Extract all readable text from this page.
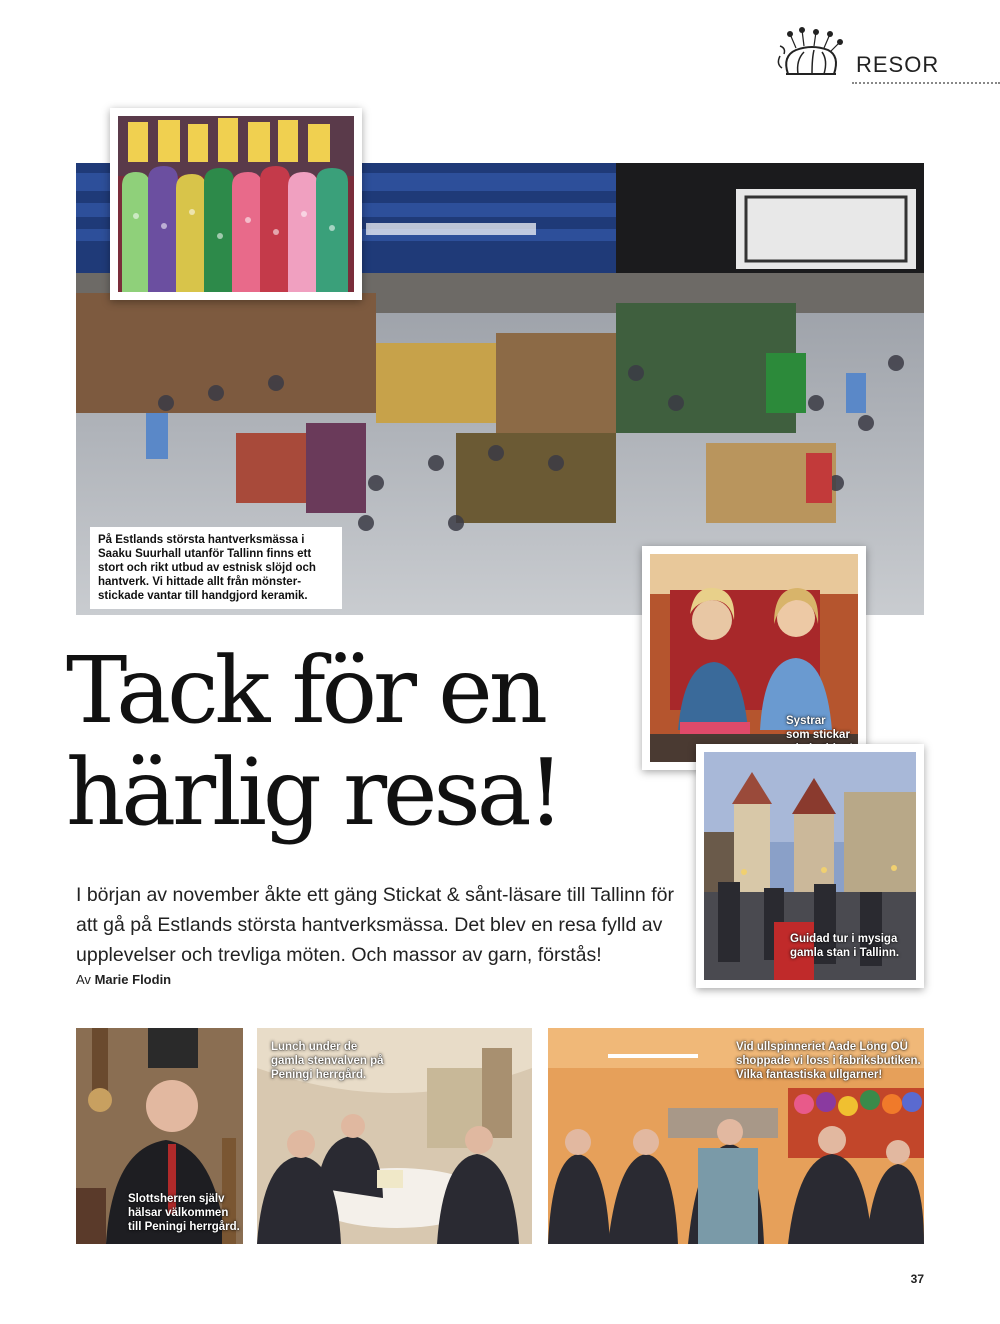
RESOR
På Estlands största hantverksmässa i Saaku Suurhall utanför Tallinn finns ett stort och rikt utbud av estnisk slöjd och hantverk. Vi hittade allt från mönsterstickade vantar till handgjord keramik.
Systrar
som stickar
Guidad tur i mysiga
gamla stan i Tallinn.
Tack för en
härlig resa!
I början av november åkte ett gäng Stickat & sånt-läsare till Tallinn för att gå på Estlands största hantverksmässa. Det blev en resa fylld av upplevelser och trevliga möten. Och massor av garn, förstås!
Av Marie Flodin
Slottsherren själv
hälsar välkommen
till Peningi herrgård.
Lunch under de
gamla stenvalven på
Peningi herrgård.
Vid ullspinneriet Aade Löng OÜ
shoppade vi loss i fabriksbutiken.
Vilka fantastiska ullgarner!
37
